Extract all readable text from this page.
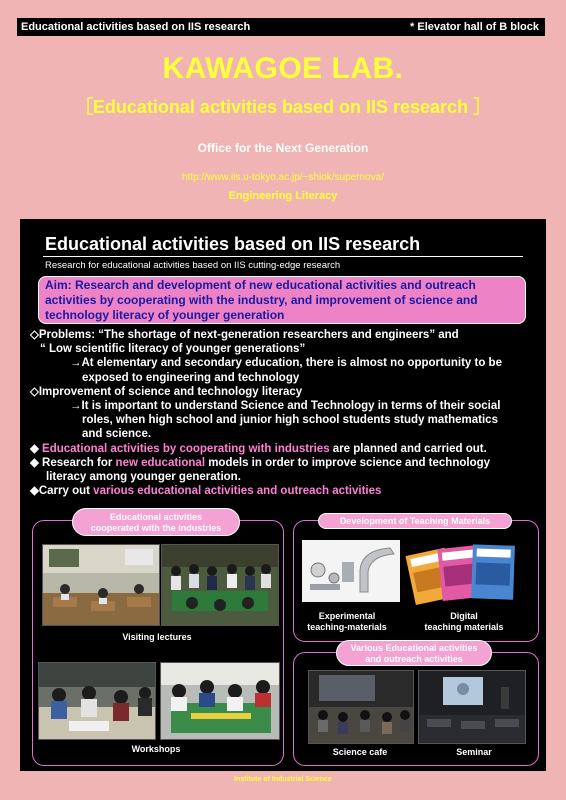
Educational activities based on IIS research	* Elevator hall of B block
KAWAGOE LAB.
［Educational activities based on IIS research ］
Office for the Next Generation
http://www.iis.u-tokyo.ac.jp/~shiok/supernova/
Engineering Literacy
Educational activities based on IIS research
Research for educational activities based on IIS cutting-edge research
Aim: Research and development of new educational activities and outreach
activities by cooperating with the industry, and improvement of science and
technology literacy of younger generation
◇Problems: “The shortage of next-generation researchers and engineers” and
“ Low scientific literacy of younger generations”
→At elementary and secondary education, there is almost no opportunity to be
exposed to engineering and technology
◇Improvement of science and technology literacy
→It is important to understand Science and Technology in terms of their social
roles, when high school and junior high school students study mathematics
and science.
◆ Educational activities by cooperating with industries are planned and carried out.
◆ Research for new educational models in order to improve science and technology
literacy among younger generation.
◆Carry out various educational activities and outreach activities
Educational activities
cooperated with the industries
Visiting lectures
Workshops
Development of Teaching Materials
Experimental
teaching-materials
Digital
teaching materials
Various Educational activities
and outreach activities
Science cafe	Seminar
Institute of Industrial Science
